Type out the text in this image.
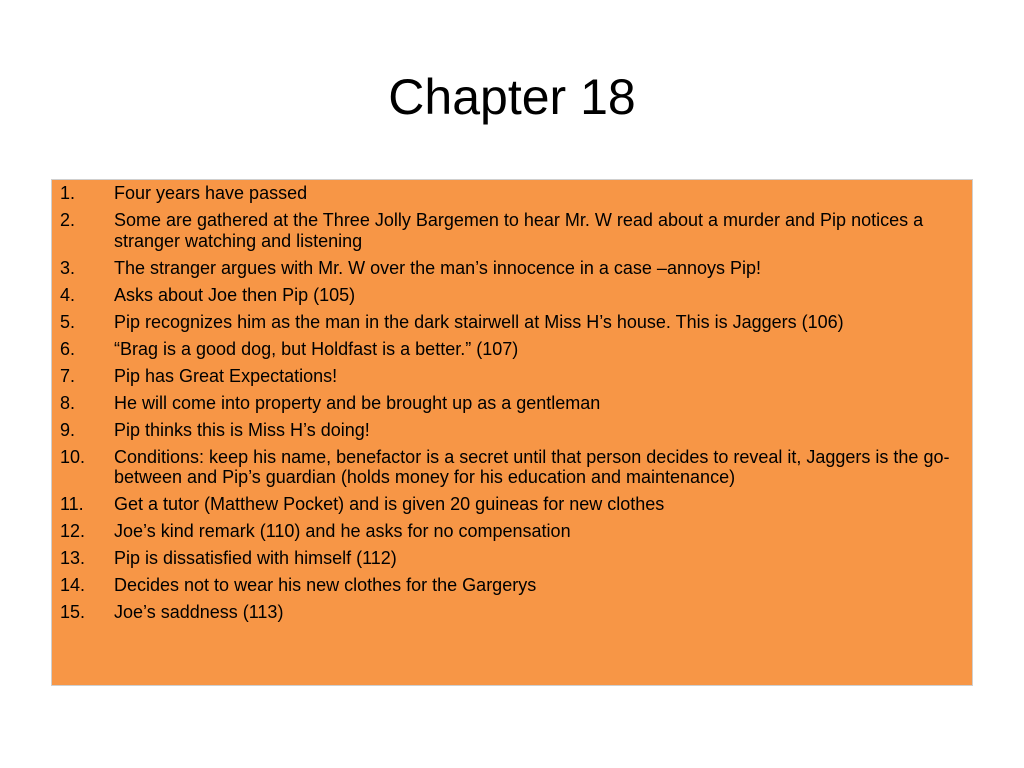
Chapter 18
1.	Four years have passed
2.	Some are gathered at the Three Jolly Bargemen to hear Mr. W read about a murder and Pip notices a stranger watching and listening
3.	The stranger argues with Mr. W over the man’s innocence in a case –annoys Pip!
4.	Asks about Joe then Pip (105)
5.	Pip recognizes him as the man in the dark stairwell at Miss H’s house. This is Jaggers (106)
6.	“Brag is a good dog, but Holdfast is a better.” (107)
7.	Pip has Great Expectations!
8.	He will come into property and be brought up as a gentleman
9.	Pip thinks this is Miss H’s doing!
10.	Conditions: keep his name, benefactor is a secret until that person decides to reveal it, Jaggers is the go-between and Pip’s guardian (holds money for his education and maintenance)
11.	Get a tutor (Matthew Pocket) and is given 20 guineas for new clothes
12.	Joe’s kind remark (110) and he asks for no compensation
13.	Pip is dissatisfied with himself (112)
14.	Decides not to wear his new clothes for the Gargerys
15.	Joe’s saddness (113)
